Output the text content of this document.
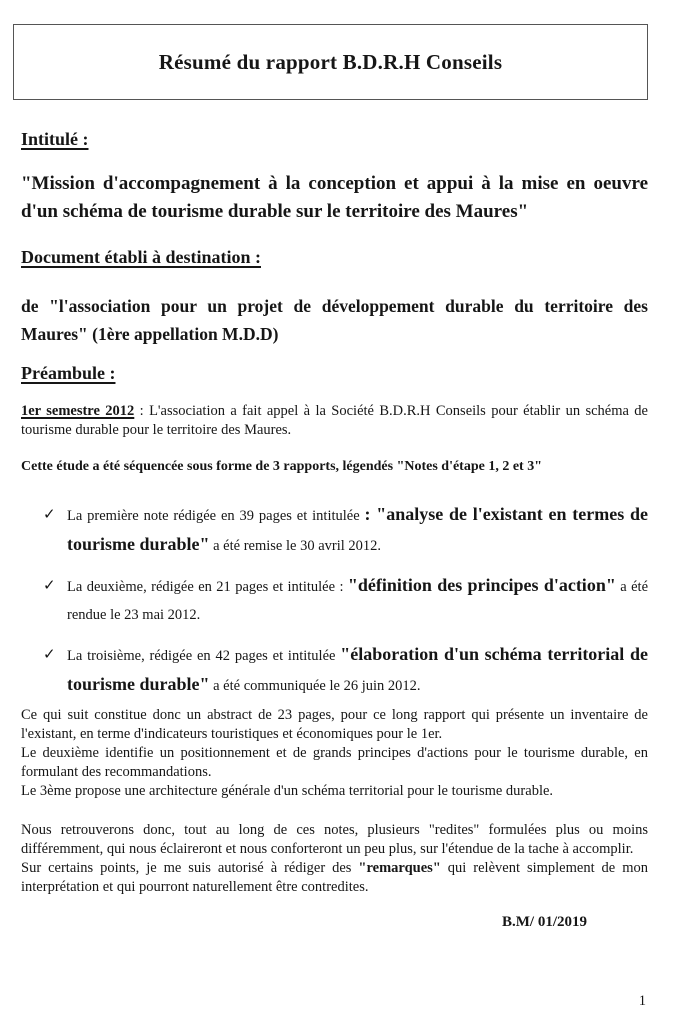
Résumé du rapport B.D.R.H Conseils
Intitulé :

"Mission d'accompagnement à la conception et appui à la mise en oeuvre d'un schéma de tourisme durable sur le territoire des Maures"

Document établi à destination :

de "l'association pour un projet de développement durable du territoire des Maures" (1ère appellation M.D.D)

Préambule :

1er semestre 2012 : L'association a fait appel à la Société B.D.R.H Conseils pour établir un schéma de tourisme durable pour le territoire des Maures.

Cette étude a été séquencée sous forme de 3 rapports, légendés "Notes d'étape 1, 2 et 3"

✓ La première note rédigée en 39 pages et intitulée : "analyse de l'existant en termes de tourisme durable" a été remise le 30 avril 2012.
✓ La deuxième, rédigée en 21 pages et intitulée : "définition des principes d'action" a été rendue le 23 mai 2012.
✓ La troisième, rédigée en 42 pages et intitulée "élaboration d'un schéma territorial de tourisme durable" a été communiquée le 26 juin 2012.
Ce qui suit constitue donc un abstract de 23 pages, pour ce long rapport qui présente un inventaire de l'existant, en terme d'indicateurs touristiques et économiques pour le 1er.
Le deuxième identifie un positionnement et de grands principes d'actions pour le tourisme durable, en formulant des recommandations.
Le 3ème propose une architecture générale d'un schéma territorial pour le tourisme durable.
Nous retrouverons donc, tout au long de ces notes, plusieurs "redites" formulées plus ou moins différemment, qui nous éclaireront et nous conforteront un peu plus, sur l'étendue de la tache à accomplir.
Sur certains points, je me suis autorisé à rédiger des "remarques" qui relèvent simplement de mon interprétation et qui pourront naturellement être contredites.
B.M/ 01/2019
1
